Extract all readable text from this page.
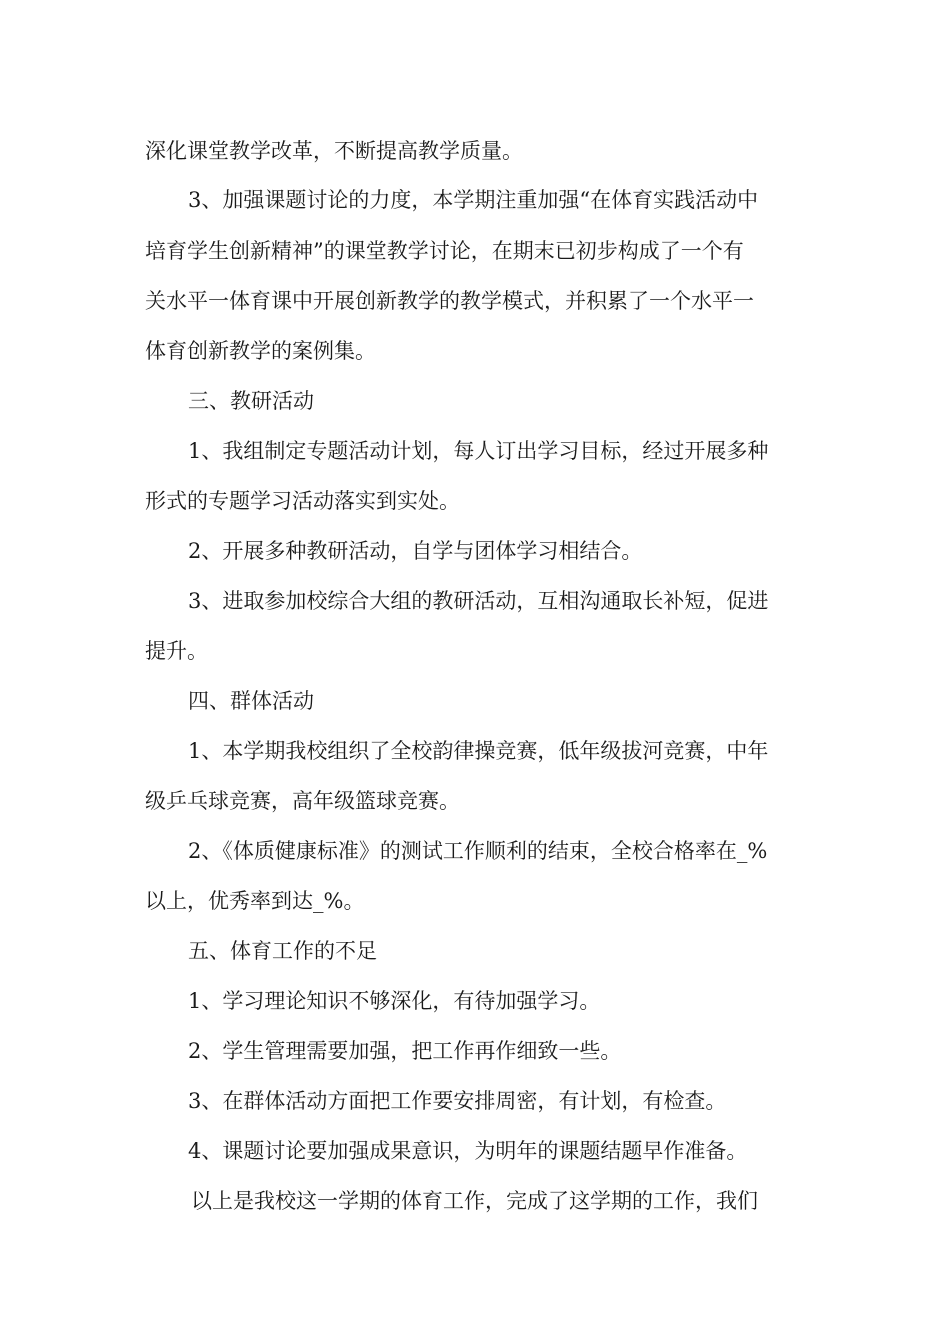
深化课堂教学改革，不断提高教学质量。

3、加强课题讨论的力度，本学期注重加强“在体育实践活动中

培育学生创新精神”的课堂教学讨论，在期末已初步构成了一个有

关水平一体育课中开展创新教学的教学模式，并积累了一个水平一

体育创新教学的案例集。

三、教研活动

1、我组制定专题活动计划，每人订出学习目标，经过开展多种

形式的专题学习活动落实到实处。

2、开展多种教研活动，自学与团体学习相结合。

3、进取参加校综合大组的教研活动，互相沟通取长补短，促进

提升。

四、群体活动

1、本学期我校组织了全校韵律操竞赛，低年级拔河竞赛，中年

级乒乓球竞赛，高年级篮球竞赛。

2、《体质健康标准》的测试工作顺利的结束，全校合格率在_%

以上，优秀率到达_%。

五、体育工作的不足

1、学习理论知识不够深化，有待加强学习。

2、学生管理需要加强，把工作再作细致一些。

3、在群体活动方面把工作要安排周密，有计划，有检查。

4、课题讨论要加强成果意识，为明年的课题结题早作准备。

以上是我校这一学期的体育工作，完成了这学期的工作，我们
